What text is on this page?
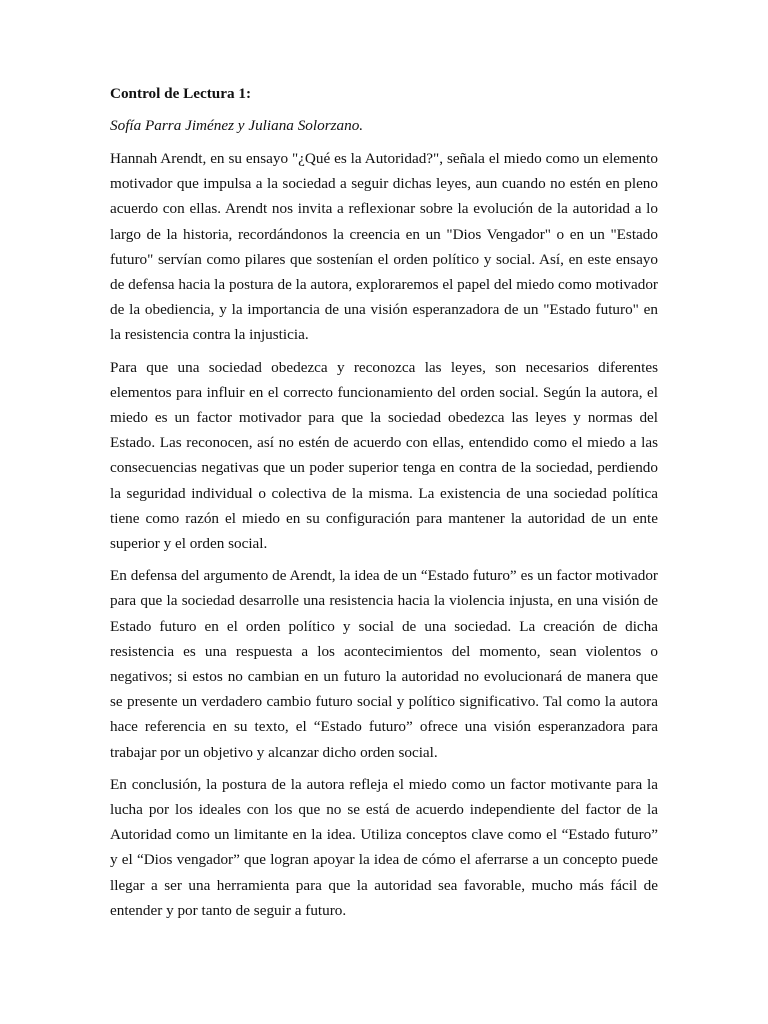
Control de Lectura 1:
Sofía Parra Jiménez y Juliana Solorzano.

Hannah Arendt, en su ensayo "¿Qué es la Autoridad?", señala el miedo como un elemento motivador que impulsa a la sociedad a seguir dichas leyes, aun cuando no estén en pleno acuerdo con ellas. Arendt nos invita a reflexionar sobre la evolución de la autoridad a lo largo de la historia, recordándonos la creencia en un "Dios Vengador" o en un "Estado futuro" servían como pilares que sostenían el orden político y social. Así, en este ensayo de defensa hacia la postura de la autora, exploraremos el papel del miedo como motivador de la obediencia, y la importancia de una visión esperanzadora de un "Estado futuro" en la resistencia contra la injusticia.

Para que una sociedad obedezca y reconozca las leyes, son necesarios diferentes elementos para influir en el correcto funcionamiento del orden social. Según la autora, el miedo es un factor motivador para que la sociedad obedezca las leyes y normas del Estado. Las reconocen, así no estén de acuerdo con ellas, entendido como el miedo a las consecuencias negativas que un poder superior tenga en contra de la sociedad, perdiendo la seguridad individual o colectiva de la misma. La existencia de una sociedad política tiene como razón el miedo en su configuración para mantener la autoridad de un ente superior y el orden social.

En defensa del argumento de Arendt, la idea de un “Estado futuro” es un factor motivador para que la sociedad desarrolle una resistencia hacia la violencia injusta, en una visión de Estado futuro en el orden político y social de una sociedad. La creación de dicha resistencia es una respuesta a los acontecimientos del momento, sean violentos o negativos; si estos no cambian en un futuro la autoridad no evolucionará de manera que se presente un verdadero cambio futuro social y político significativo. Tal como la autora hace referencia en su texto, el “Estado futuro” ofrece una visión esperanzadora para trabajar por un objetivo y alcanzar dicho orden social.

En conclusión, la postura de la autora refleja el miedo como un factor motivante para la lucha por los ideales con los que no se está de acuerdo independiente del factor de la Autoridad como un limitante en la idea. Utiliza conceptos clave como el “Estado futuro” y el “Dios vengador” que logran apoyar la idea de cómo el aferrarse a un concepto puede llegar a ser una herramienta para que la autoridad sea favorable, mucho más fácil de entender y por tanto de seguir a futuro.
